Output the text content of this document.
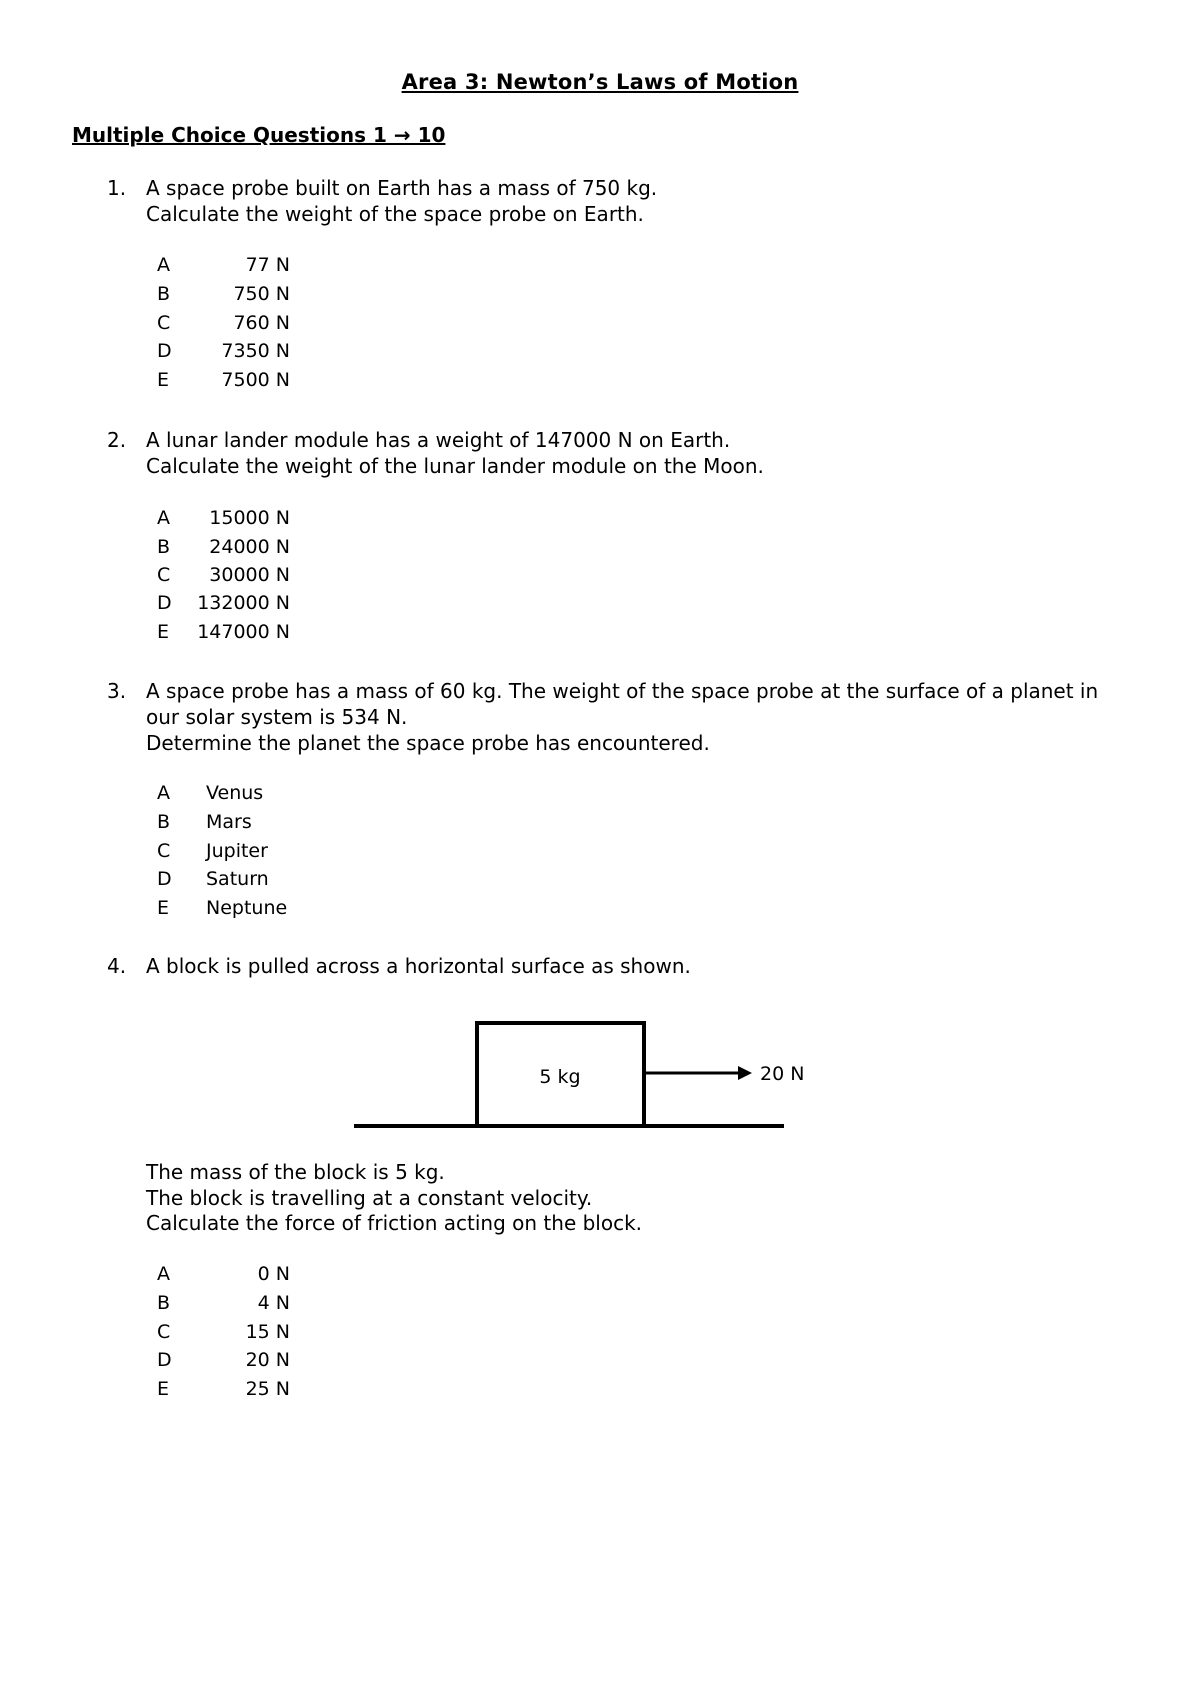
Area 3: Newton’s Laws of Motion
Multiple Choice Questions 1 → 10
1. A space probe built on Earth has a mass of 750 kg.
Calculate the weight of the space probe on Earth.
A	77 N
B	750 N
C	760 N
D	7350 N
E	7500 N
2. A lunar lander module has a weight of 147000 N on Earth.
Calculate the weight of the lunar lander module on the Moon.
A	15000 N
B	24000 N
C	30000 N
D	132000 N
E	147000 N
3. A space probe has a mass of 60 kg. The weight of the space probe at the surface of a planet in
our solar system is 534 N.
Determine the planet the space probe has encountered.
A	Venus
B	Mars
C	Jupiter
D Saturn
E	Neptune
4. A block is pulled across a horizontal surface as shown.
5 kg	20 N
The mass of the block is 5 kg.
The block is travelling at a constant velocity.
Calculate the force of friction acting on the block.
A	0 N
B	4 N
C	15 N
D	20 N
E	25 N
